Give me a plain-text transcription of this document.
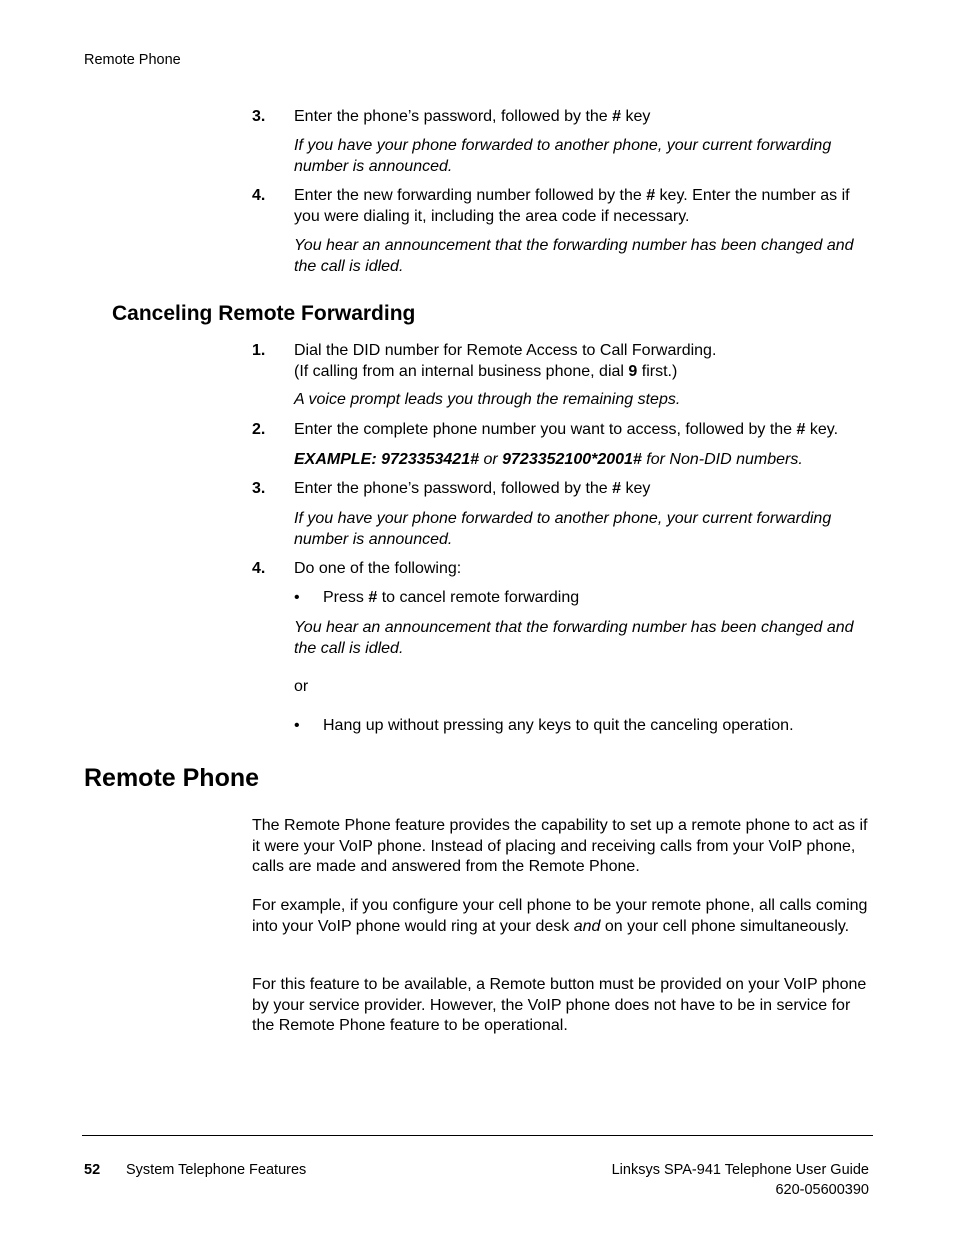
Remote Phone
3.	Enter the phone’s password, followed by the # key
If you have your phone forwarded to another phone, your current forwarding number is announced.
4.	Enter the new forwarding number followed by the # key. Enter the number as if you were dialing it, including the area code if necessary.
You hear an announcement that the forwarding number has been changed and the call is idled.
Canceling Remote Forwarding
1.	Dial the DID number for Remote Access to Call Forwarding.
(If calling from an internal business phone, dial 9 first.)
A voice prompt leads you through the remaining steps.
2.	Enter the complete phone number you want to access, followed by the # key.
EXAMPLE: 9723353421# or 9723352100*2001# for Non-DID numbers.
3.	Enter the phone’s password, followed by the # key
If you have your phone forwarded to another phone, your current forwarding number is announced.
4.	Do one of the following:
• Press # to cancel remote forwarding
You hear an announcement that the forwarding number has been changed and the call is idled.
or
• Hang up without pressing any keys to quit the canceling operation.
Remote Phone
The Remote Phone feature provides the capability to set up a remote phone to act as if it were your VoIP phone. Instead of placing and receiving calls from your VoIP phone, calls are made and answered from the Remote Phone.
For example, if you configure your cell phone to be your remote phone, all calls coming into your VoIP phone would ring at your desk and on your cell phone simultaneously.
For this feature to be available, a Remote button must be provided on your VoIP phone by your service provider. However, the VoIP phone does not have to be in service for the Remote Phone feature to be operational.
52 System Telephone Features	Linksys SPA-941 Telephone User Guide
620-05600390
